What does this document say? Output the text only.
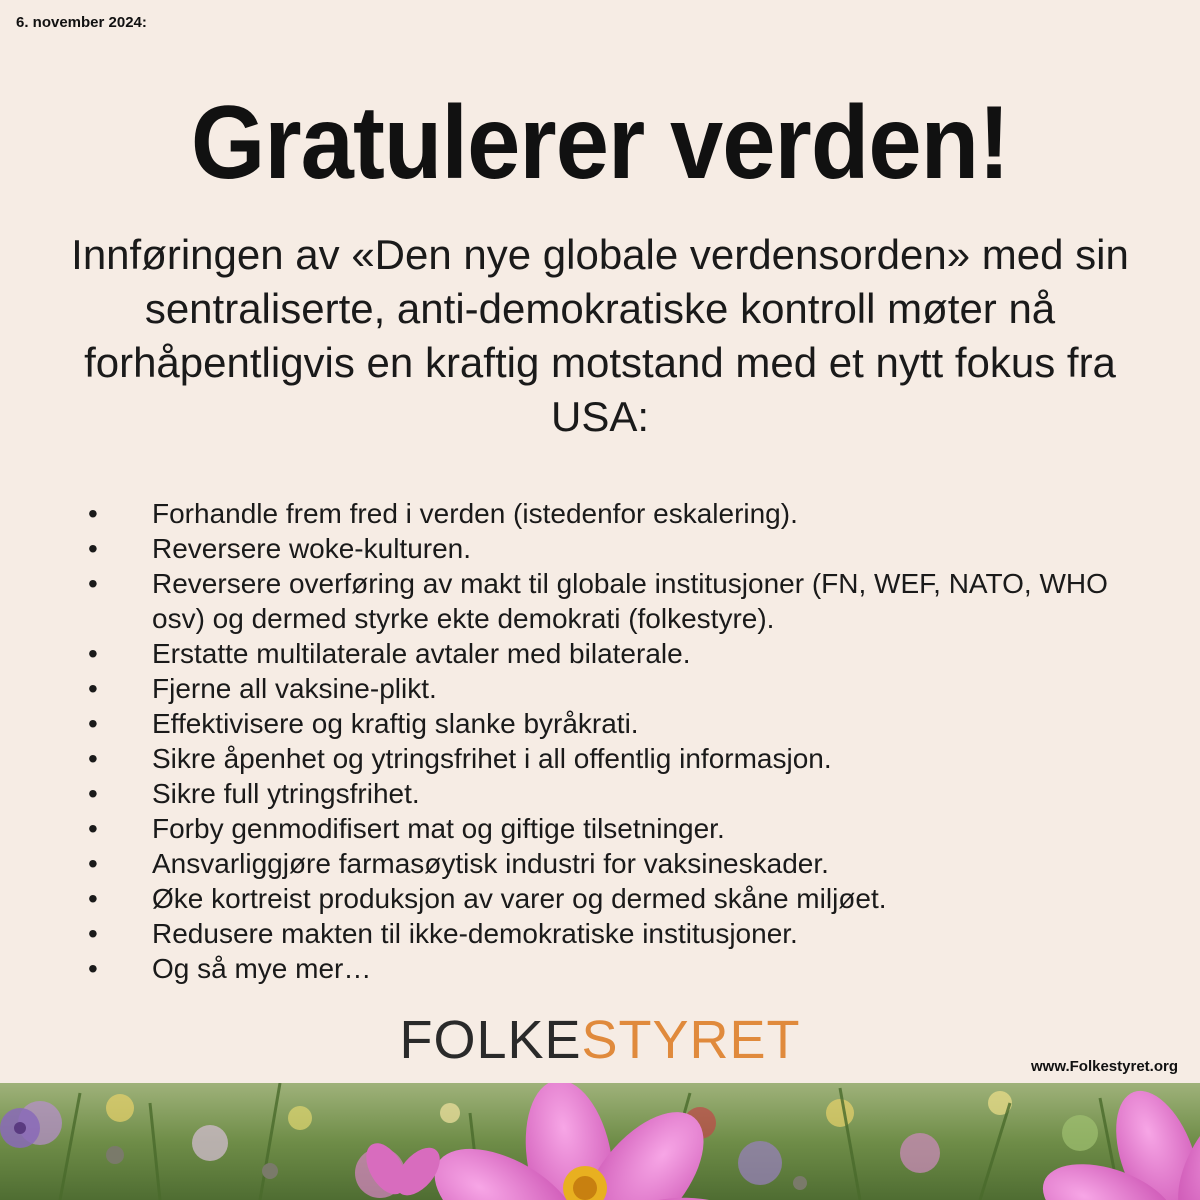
6. november 2024:
Gratulerer verden!
Innføringen av «Den nye globale verdensorden» med sin sentraliserte, anti-demokratiske kontroll møter nå forhåpentligvis en kraftig motstand med et nytt fokus fra USA:
• Forhandle frem fred i verden (istedenfor eskalering).
• Reversere woke-kulturen.
• Reversere overføring av makt til globale institusjoner (FN, WEF, NATO, WHO osv) og dermed styrke ekte demokrati (folkestyre).
• Erstatte multilaterale avtaler med bilaterale.
• Fjerne all vaksine-plikt.
• Effektivisere og kraftig slanke byråkrati.
• Sikre åpenhet og ytringsfrihet i all offentlig informasjon.
• Sikre full ytringsfrihet.
• Forby genmodifisert mat og giftige tilsetninger.
• Ansvarliggjøre farmasøytisk industri for vaksineskader.
• Øke kortreist produksjon av varer og dermed skåne miljøet.
• Redusere makten til ikke-demokratiske institusjoner.
• Og så mye mer…
FOLKESTYRET	www.Folkestyret.org
